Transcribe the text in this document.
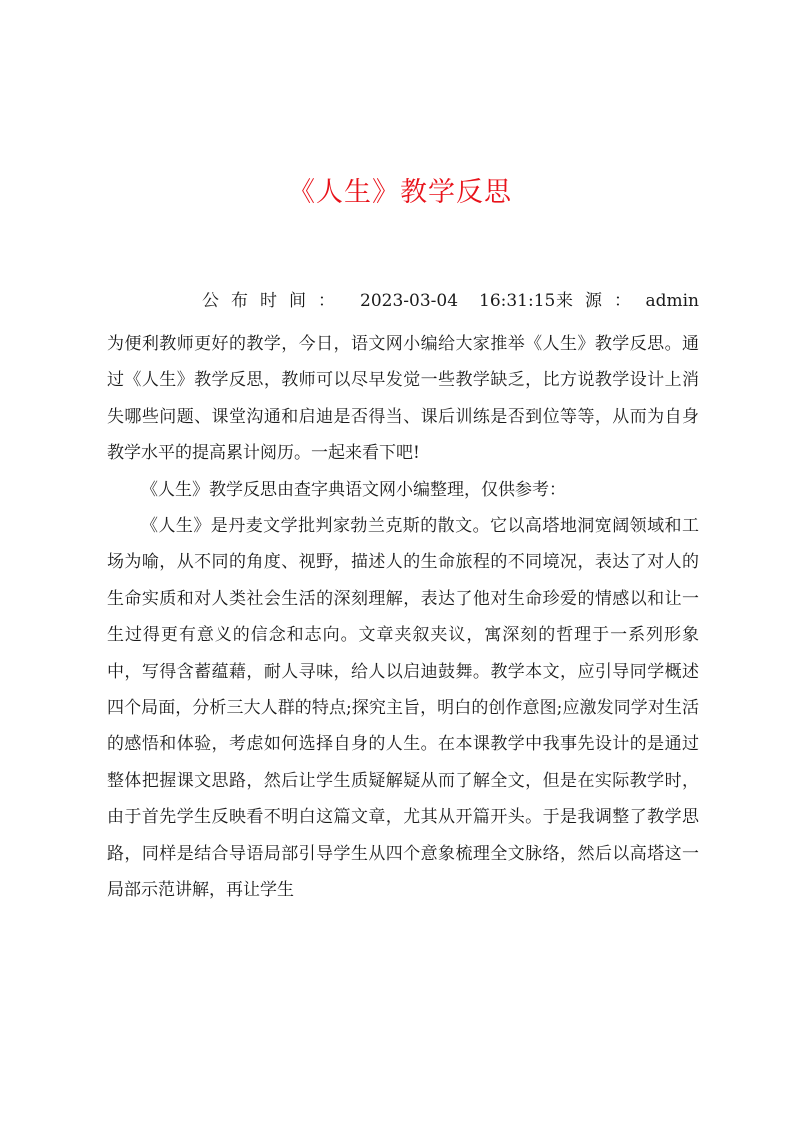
《人生》教学反思
公布时间： 2023-03-04 16:31:15 来源： admin

为便利教师更好的教学，今日，语文网小编给大家推举《人生》教学反思。通过《人生》教学反思，教师可以尽早发觉一些教学缺乏，比方说教学设计上消失哪些问题、课堂沟通和启迪是否得当、课后训练是否到位等等，从而为自身教学水平的提高累计阅历。一起来看下吧!

《人生》教学反思由查字典语文网小编整理，仅供参考：

《人生》是丹麦文学批判家勃兰克斯的散文。它以高塔地洞宽阔领域和工场为喻，从不同的角度、视野，描述人的生命旅程的不同境况，表达了对人的生命实质和对人类社会生活的深刻理解，表达了他对生命珍爱的情感以和让一生过得更有意义的信念和志向。文章夹叙夹议，寓深刻的哲理于一系列形象中，写得含蓄蕴藉，耐人寻味，给人以启迪鼓舞。教学本文，应引导同学概述四个局面，分析三大人群的特点;探究主旨，明白的创作意图;应激发同学对生活的感悟和体验，考虑如何选择自身的人生。在本课教学中我事先设计的是通过整体把握课文思路，然后让学生质疑解疑从而了解全文，但是在实际教学时，由于首先学生反映看不明白这篇文章，尤其从开篇开头。于是我调整了教学思路，同样是结合导语局部引导学生从四个意象梳理全文脉络，然后以高塔这一局部示范讲解，再让学生
